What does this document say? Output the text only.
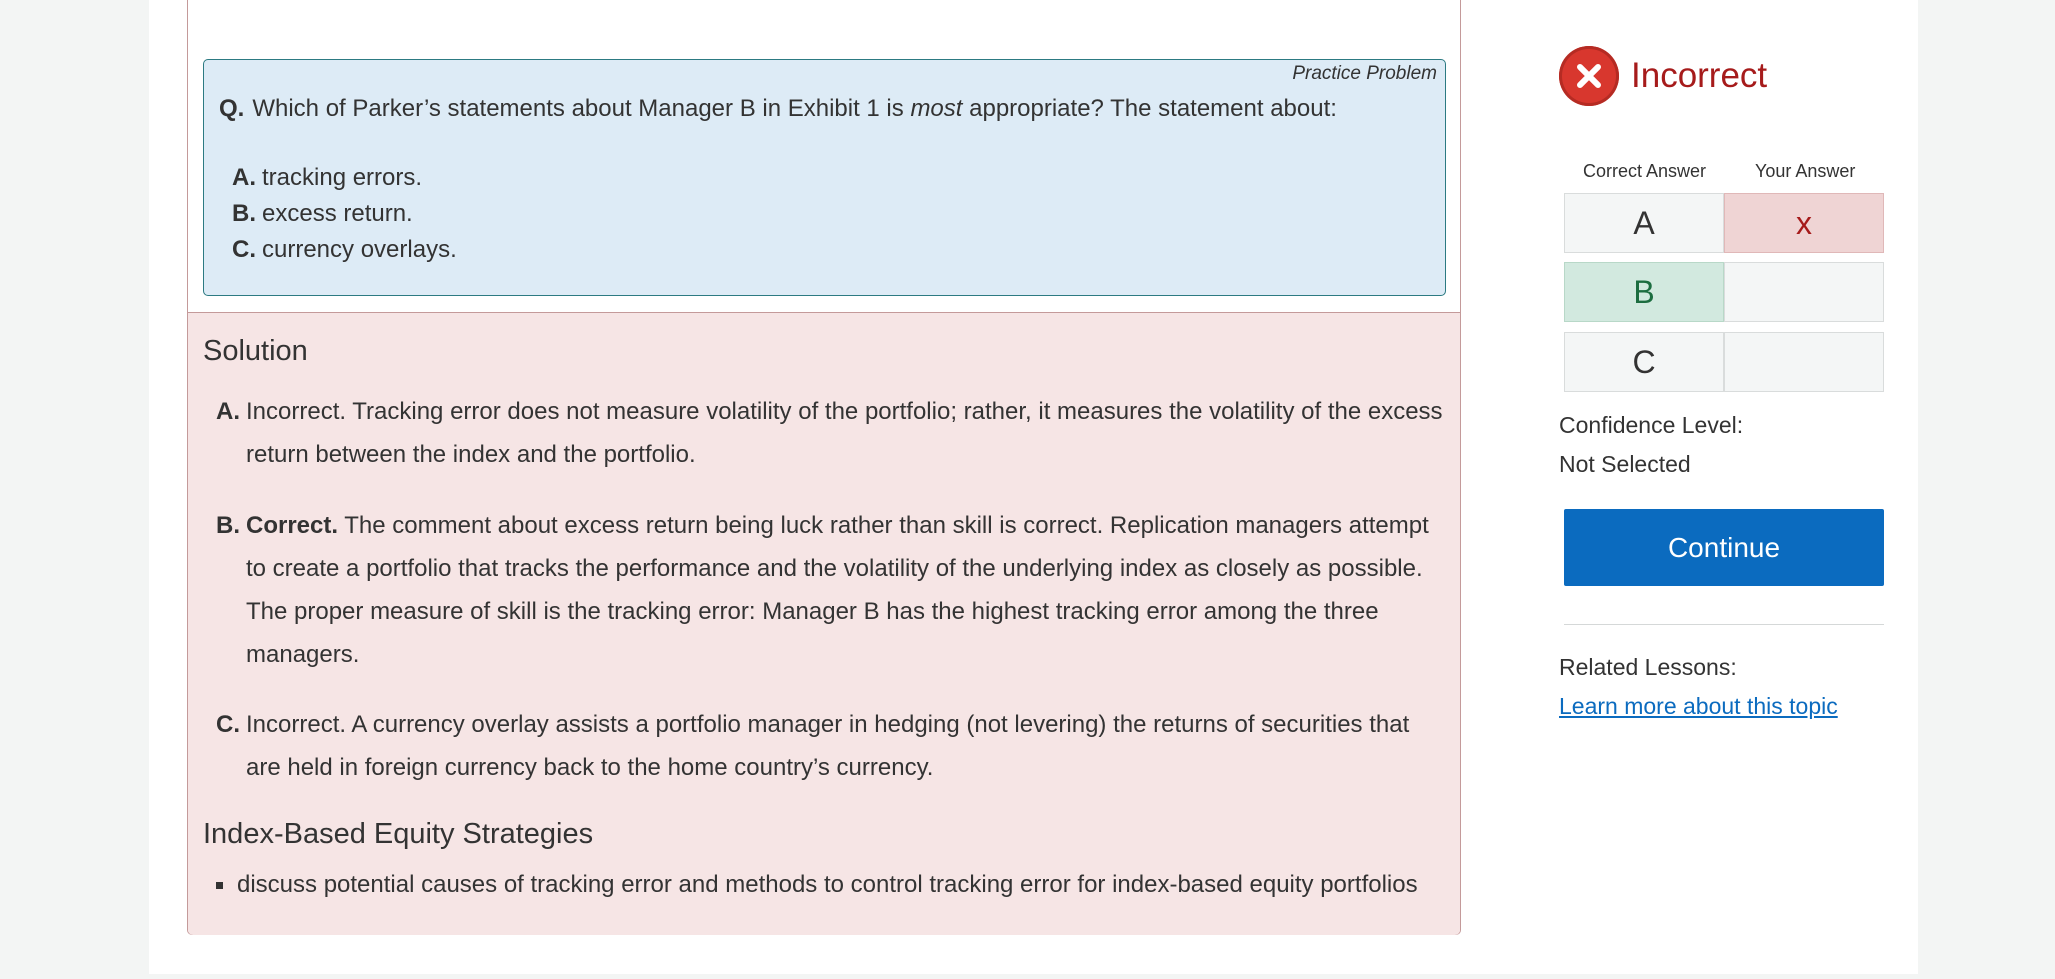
Practice Problem
Q. Which of Parker’s statements about Manager B in Exhibit 1 is most appropriate? The statement about:
A. tracking errors.
B. excess return.
C. currency overlays.
Solution
A. Incorrect. Tracking error does not measure volatility of the portfolio; rather, it measures the volatility of the excess return between the index and the portfolio.
B. Correct. The comment about excess return being luck rather than skill is correct. Replication managers attempt to create a portfolio that tracks the performance and the volatility of the underlying index as closely as possible. The proper measure of skill is the tracking error: Manager B has the highest tracking error among the three managers.
C. Incorrect. A currency overlay assists a portfolio manager in hedging (not levering) the returns of securities that are held in foreign currency back to the home country’s currency.
Index-Based Equity Strategies
discuss potential causes of tracking error and methods to control tracking error for index-based equity portfolios
Incorrect
Correct Answer	Your Answer
A	x
B
C
Confidence Level:
Not Selected
Continue
Related Lessons:
Learn more about this topic
